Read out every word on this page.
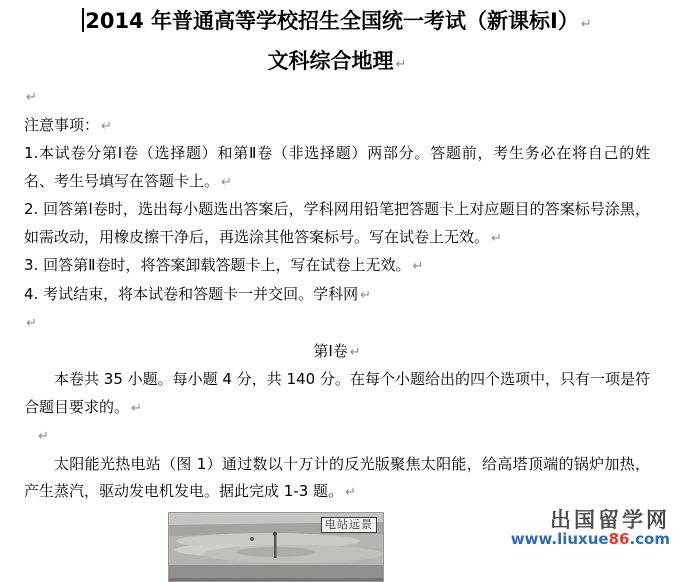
2014 年普通高等学校招生全国统一考试（新课标Ⅰ） ↵
文科综合地理 ↵
↵
注意事项： ↵
1.本试卷分第Ⅰ卷（选择题）和第Ⅱ卷（非选择题）两部分。答题前，考生务必在将自己的姓名、考生号填写在答题卡上。 ↵
2. 回答第Ⅰ卷时，选出每小题选出答案后，学科网用铅笔把答题卡上对应题目的答案标号涂黑，如需改动，用橡皮擦干净后，再选涂其他答案标号。写在试卷上无效。 ↵
3. 回答第Ⅱ卷时，将答案卸载答题卡上，写在试卷上无效。 ↵
4. 考试结束，将本试卷和答题卡一并交回。学科网 ↵
↵
第Ⅰ卷 ↵
本卷共 35 小题。每小题 4 分，共 140 分。在每个小题给出的四个选项中，只有一项是符合题目要求的。 ↵
↵
太阳能光热电站（图 1）通过数以十万计的反光版聚焦太阳能，给高塔顶端的锅炉加热，产生蒸汽，驱动发电机发电。据此完成 1-3 题。 ↵
电站远景	出国留学网
www.liuxue86.com
